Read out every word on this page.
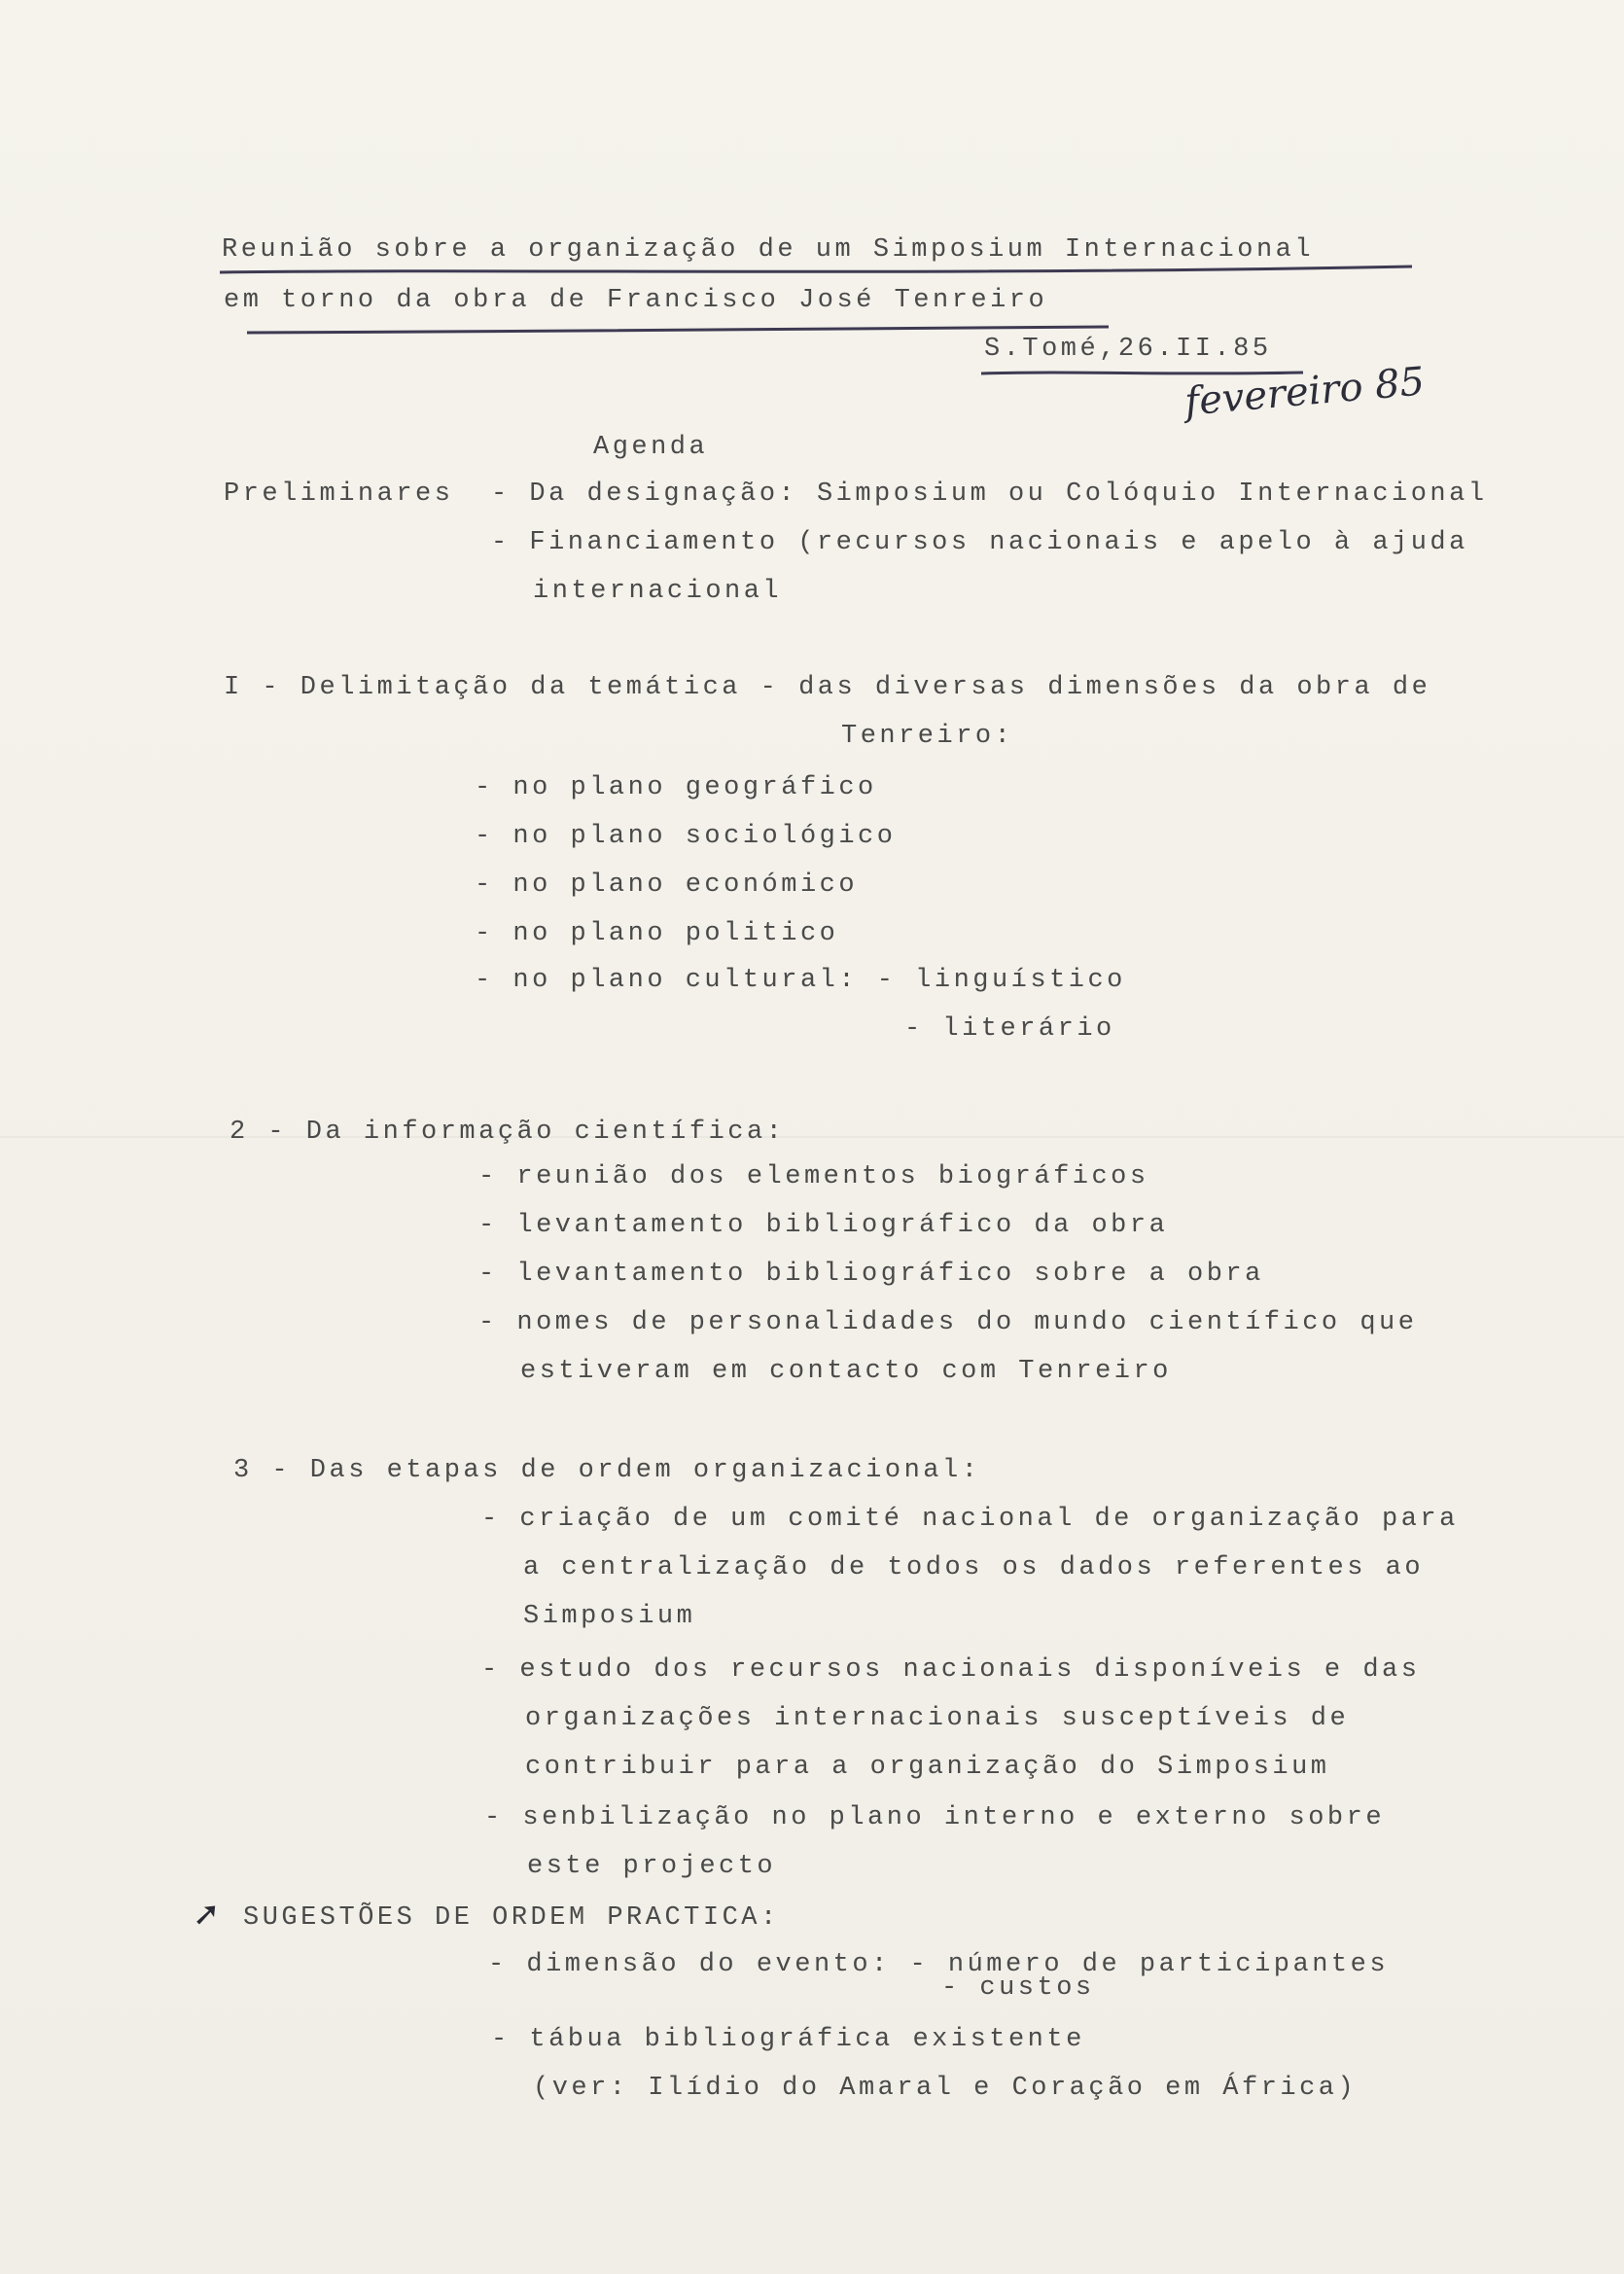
Reunião sobre a organização de um Simposium Internacional
em torno da obra de Francisco José Tenreiro
S.Tomé,26.II.85
fevereiro 85
Agenda
Preliminares - Da designação: Simposium ou Colóquio Internacional
- Financiamento (recursos nacionais e apelo à ajuda
internacional
I - Delimitação da temática - das diversas dimensões da obra de
Tenreiro:
- no plano geográfico
- no plano sociológico
- no plano económico
- no plano politico
- no plano cultural: - linguístico
- literário
2 - Da informação científica:
- reunião dos elementos biográficos
- levantamento bibliográfico da obra
- levantamento bibliográfico sobre a obra
- nomes de personalidades do mundo científico que
estiveram em contacto com Tenreiro
3 - Das etapas de ordem organizacional:
- criação de um comité nacional de organização para
a centralização de todos os dados referentes ao
Simposium
- estudo dos recursos nacionais disponíveis e das
organizações internacionais susceptíveis de
contribuir para a organização do Simposium
- senbilização no plano interno e externo sobre
este projecto
➚ SUGESTÕES DE ORDEM PRACTICA:
- dimensão do evento: - número de participantes
- custos
- tábua bibliográfica existente
(ver: Ilídio do Amaral e Coração em África)
